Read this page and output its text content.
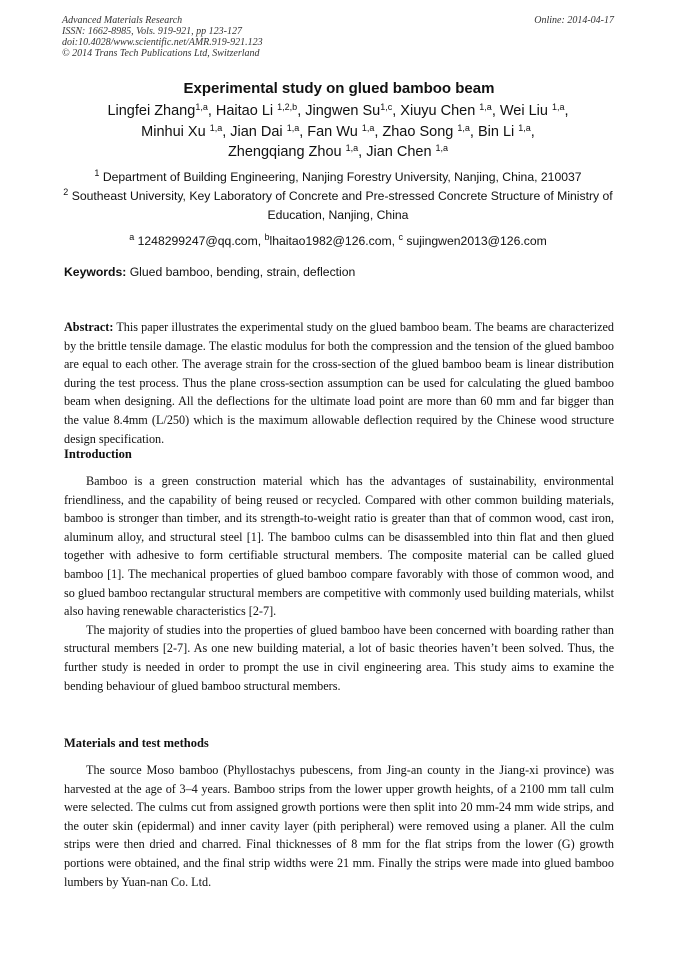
Advanced Materials Research
ISSN: 1662-8985, Vols. 919-921, pp 123-127
doi:10.4028/www.scientific.net/AMR.919-921.123
© 2014 Trans Tech Publications Ltd, Switzerland
Online: 2014-04-17
Experimental study on glued bamboo beam
Lingfei Zhang$^{1,a}$, Haitao Li $^{1,2,b}$, Jingwen Su$^{1,c}$, Xiuyu Chen $^{1,a}$, Wei Liu $^{1,a}$,
Minhui Xu $^{1,a}$, Jian Dai $^{1,a}$, Fan Wu $^{1,a}$, Zhao Song $^{1,a}$, Bin Li $^{1,a}$,
Zhengqiang Zhou $^{1,a}$, Jian Chen $^{1,a}$
$^1$ Department of Building Engineering, Nanjing Forestry University, Nanjing, China, 210037
$^2$ Southeast University, Key Laboratory of Concrete and Pre-stressed Concrete Structure of Ministry of Education, Nanjing, China
$^a$ 1248299247@qq.com, $^b$lhaitao1982@126.com, $^c$ sujingwen2013@126.com
Keywords: Glued bamboo, bending, strain, deflection

Abstract: This paper illustrates the experimental study on the glued bamboo beam. The beams are characterized by the brittle tensile damage. The elastic modulus for both the compression and the tension of the glued bamboo are equal to each other. The average strain for the cross-section of the glued bamboo beam is linear distribution during the test process. Thus the plane cross-section assumption can be used for calculating the glued bamboo beam when designing. All the deflections for the ultimate load point are more than 60 mm and far bigger than the value 8.4mm (L/250) which is the maximum allowable deflection required by the Chinese wood structure design specification.

Introduction

Bamboo is a green construction material which has the advantages of sustainability, environmental friendliness, and the capability of being reused or recycled. Compared with other common building materials, bamboo is stronger than timber, and its strength-to-weight ratio is greater than that of common wood, cast iron, aluminum alloy, and structural steel [1]. The bamboo culms can be disassembled into thin flat and then glued together with adhesive to form certifiable structural members. The composite material can be called glued bamboo [1]. The mechanical properties of glued bamboo compare favorably with those of common wood, and so glued bamboo rectangular structural members are competitive with commonly used building materials, whilst also having renewable characteristics [2-7].

The majority of studies into the properties of glued bamboo have been concerned with boarding rather than structural members [2-7]. As one new building material, a lot of basic theories haven’t been solved. Thus, the further study is needed in order to prompt the use in civil engineering area. This study aims to examine the bending behaviour of glued bamboo structural members.

Materials and test methods

The source Moso bamboo (Phyllostachys pubescens, from Jing-an county in the Jiang-xi province) was harvested at the age of 3–4 years. Bamboo strips from the lower upper growth heights, of a 2100 mm tall culm were selected. The culms cut from assigned growth portions were then split into 20 mm-24 mm wide strips, and the outer skin (epidermal) and inner cavity layer (pith peripheral) were removed using a planer. All the culm strips were then dried and charred. Final thicknesses of 8 mm for the flat strips from the lower (G) growth portions were obtained, and the final strip widths were 21 mm. Finally the strips were made into glued bamboo lumbers by Yuan-nan Co. Ltd.
